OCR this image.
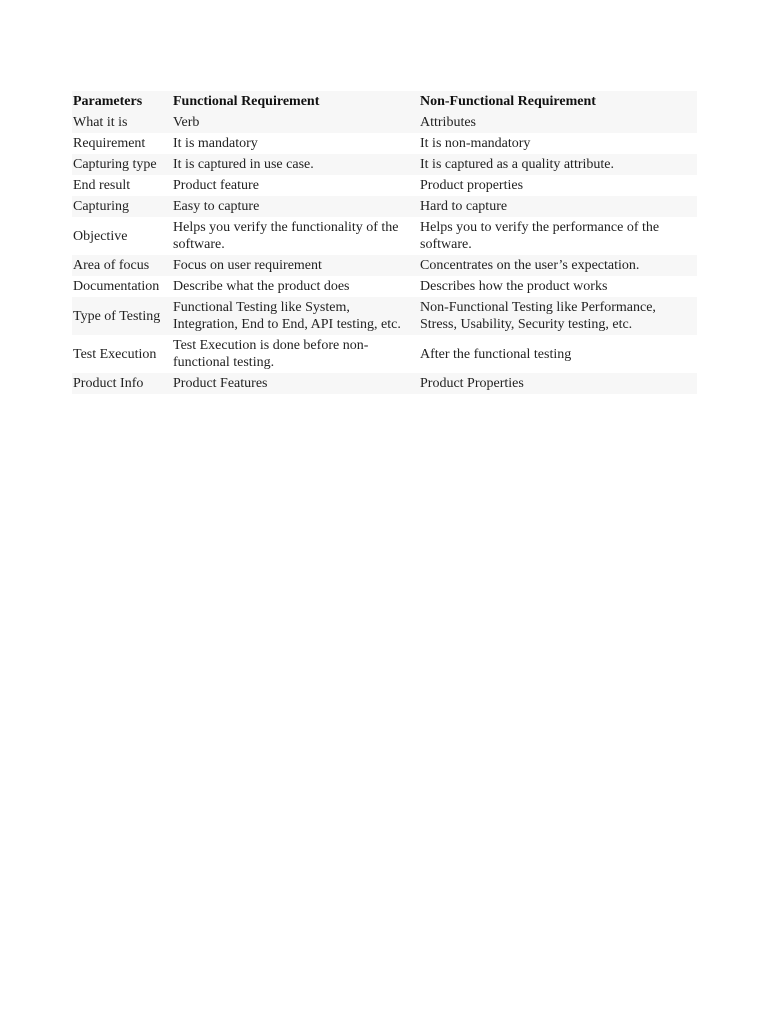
Parameters	Functional Requirement	Non-Functional Requirement
What it is	Verb	Attributes
Requirement	It is mandatory	It is non-mandatory
Capturing type	It is captured in use case.	It is captured as a quality attribute.
End result	Product feature	Product properties
Capturing	Easy to capture	Hard to capture
Objective	Helps you verify the functionality of the software.	Helps you to verify the performance of the software.
Area of focus	Focus on user requirement	Concentrates on the user’s expectation.
Documentation	Describe what the product does	Describes how the product works
Type of Testing	Functional Testing like System, Integration, End to End, API testing, etc.	Non-Functional Testing like Performance, Stress, Usability, Security testing, etc.
Test Execution	Test Execution is done before non-functional testing.	After the functional testing
Product Info	Product Features	Product Properties
